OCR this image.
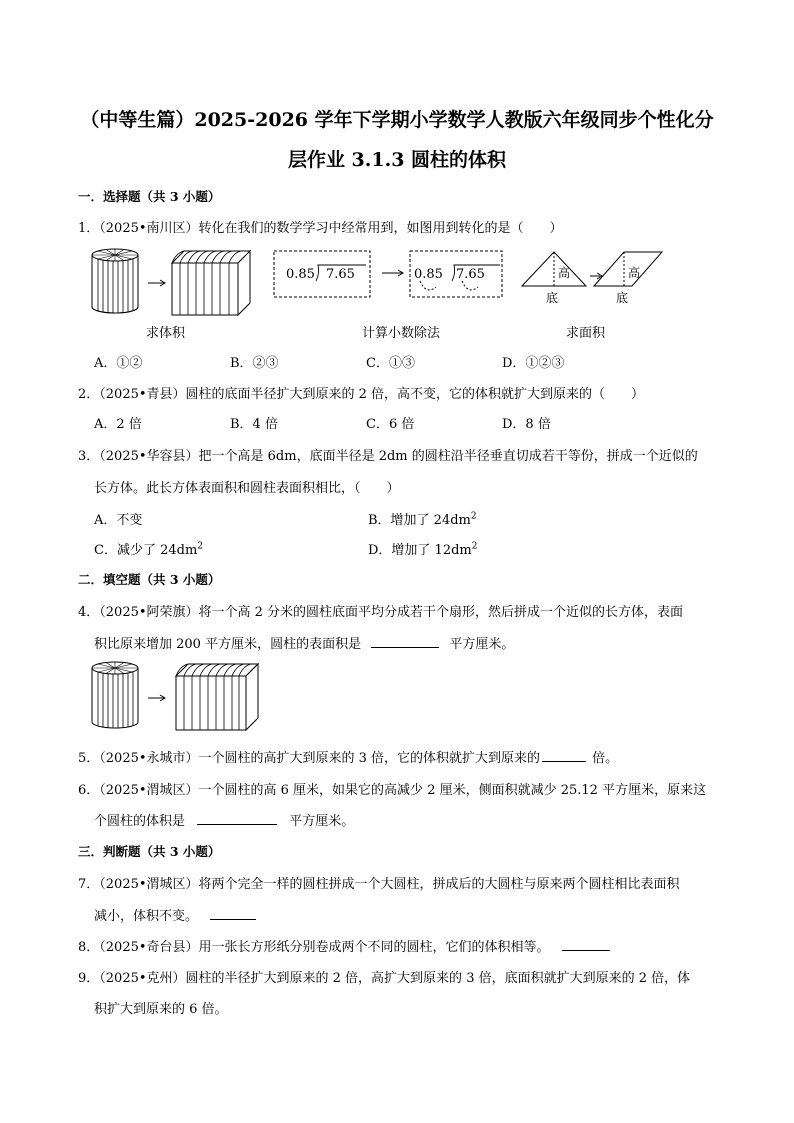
（中等生篇）2025-2026 学年下学期小学数学人教版六年级同步个性化分
层作业 3.1.3 圆柱的体积
一．选择题（共 3 小题）
1．（2025•南川区）转化在我们的数学学习中经常用到，如图用到转化的是（　　）
0.85 7.65	0.85 7.65	高
底
高
底
求体积	计算小数除法	求面积
A．①②	B．②③	C．①③	D．①②③
2．（2025•青县）圆柱的底面半径扩大到原来的 2 倍，高不变，它的体积就扩大到原来的（　　）
A．2 倍	B．4 倍	C．6 倍	D．8 倍
3．（2025•华容县）把一个高是 6dm，底面半径是 2dm 的圆柱沿半径垂直切成若干等份，拼成一个近似的
长方体。此长方体表面积和圆柱表面积相比，（　　）
A．不变	B．增加了 $24dm^2$
C．减少了 $24dm^2$	D．增加了 $12dm^2$
二．填空题（共 3 小题）
4．（2025•阿荣旗）将一个高 2 分米的圆柱底面平均分成若干个扇形，然后拼成一个近似的长方体，表面
积比原来增加 200 平方厘米，圆柱的表面积是	平方厘米。
5．（2025•永城市）一个圆柱的高扩大到原来的 3 倍，它的体积就扩大到原来的	倍。
6．（2025•渭城区）一个圆柱的高 6 厘米，如果它的高减少 2 厘米，侧面积就减少 25.12 平方厘米，原来这
个圆柱的体积是	平方厘米。
三．判断题（共 3 小题）
7．（2025•渭城区）将两个完全一样的圆柱拼成一个大圆柱，拼成后的大圆柱与原来两个圆柱相比表面积
减小，体积不变。
8．（2025•奇台县）用一张长方形纸分别卷成两个不同的圆柱，它们的体积相等。
9．（2025•克州）圆柱的半径扩大到原来的 2 倍，高扩大到原来的 3 倍，底面积就扩大到原来的 2 倍，体
积扩大到原来的 6 倍。
